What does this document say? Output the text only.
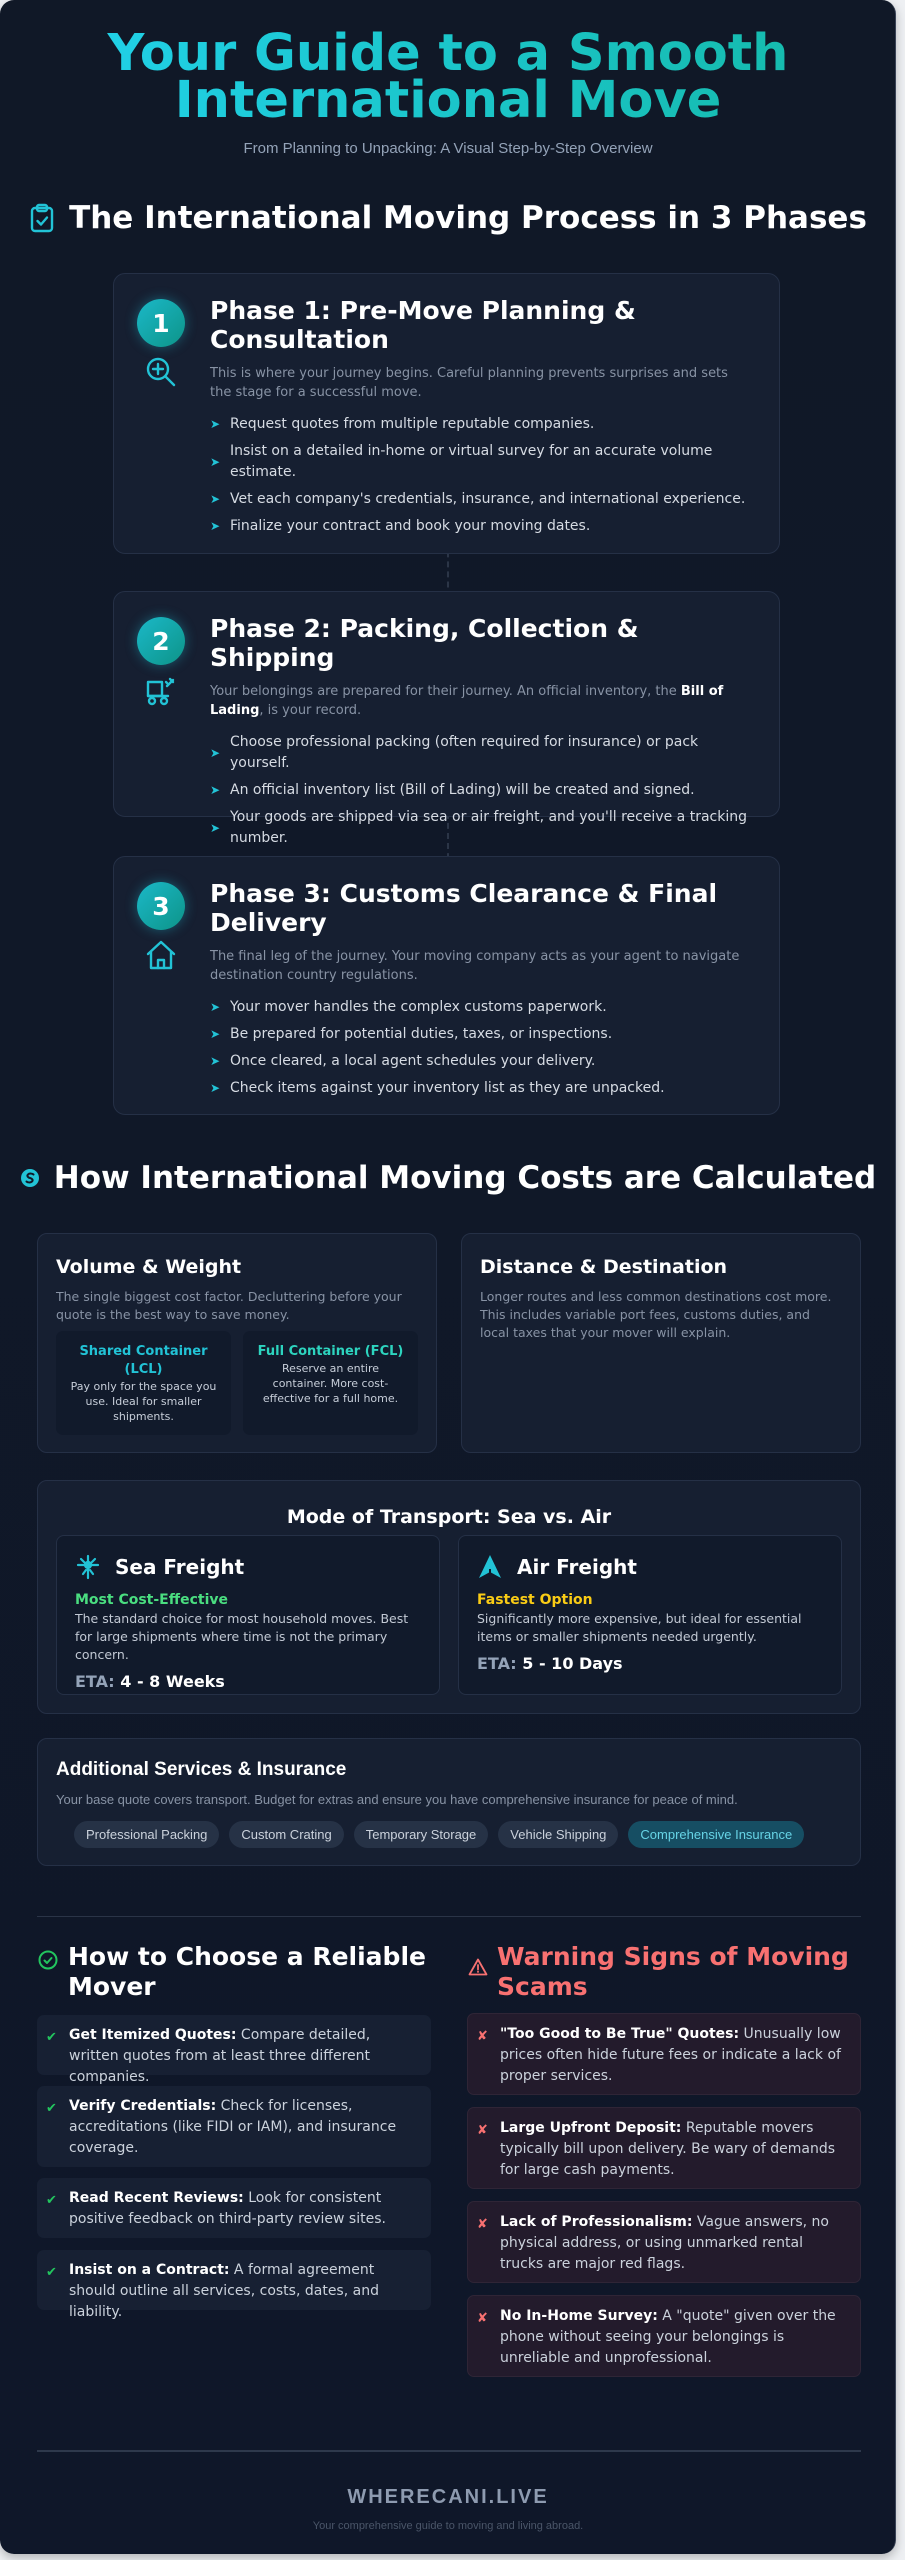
Your Guide to a Smooth International Move
From Planning to Unpacking: A Visual Step-by-Step Overview
The International Moving Process in 3 Phases
1	Phase 1: Pre-Move Planning & Consultation
This is where your journey begins. Careful planning prevents surprises and sets the stage for a successful move.
➤ Request quotes from multiple reputable companies.
➤
Insist on a detailed in-home or virtual survey for an accurate volume estimate.
➤ Vet each company's credentials, insurance, and international experience.
➤ Finalize your contract and book your moving dates.
2	Phase 2: Packing, Collection & Shipping
Your belongings are prepared for their journey. An official inventory, the Bill of Lading, is your record.
➤
Choose professional packing (often required for insurance) or pack yourself.
➤ An official inventory list (Bill of Lading) will be created and signed.
➤
Your goods are shipped via sea or air freight, and you'll receive a tracking number.
3	Phase 3: Customs Clearance & Final Delivery
The final leg of the journey. Your moving company acts as your agent to navigate destination country regulations.
➤ Your mover handles the complex customs paperwork.
➤ Be prepared for potential duties, taxes, or inspections.
➤ Once cleared, a local agent schedules your delivery.
➤ Check items against your inventory list as they are unpacked.
How International Moving Costs are Calculated
Volume & Weight
The single biggest cost factor. Decluttering before your quote is the best way to save money.
Shared Container (LCL)
Pay only for the space you use. Ideal for smaller shipments.
Full Container (FCL)
Reserve an entire container. More cost-effective for a full home.
Distance & Destination
Longer routes and less common destinations cost more. This includes variable port fees, customs duties, and local taxes that your mover will explain.
Mode of Transport: Sea vs. Air
Sea Freight
Most Cost-Effective
The standard choice for most household moves. Best for large shipments where time is not the primary concern.
ETA: 4 - 8 Weeks
Air Freight
Fastest Option
Significantly more expensive, but ideal for essential items or smaller shipments needed urgently.
ETA: 5 - 10 Days
Additional Services & Insurance
Your base quote covers transport. Budget for extras and ensure you have comprehensive insurance for peace of mind.
Professional Packing	Custom Crating	Temporary Storage	Vehicle Shipping	Comprehensive Insurance
How to Choose a Reliable Mover
✔ Get Itemized Quotes: Compare detailed, written quotes from at least three different companies.
✔ Verify Credentials: Check for licenses, accreditations (like FIDI or IAM), and insurance coverage.
✔ Read Recent Reviews: Look for consistent positive feedback on third-party review sites.
✔ Insist on a Contract: A formal agreement should outline all services, costs, dates, and liability.
Warning Signs of Moving Scams
✘ "Too Good to Be True" Quotes: Unusually low prices often hide future fees or indicate a lack of proper services.
✘ Large Upfront Deposit: Reputable movers typically bill upon delivery. Be wary of demands for large cash payments.
✘ Lack of Professionalism: Vague answers, no physical address, or using unmarked rental trucks are major red flags.
✘ No In-Home Survey: A "quote" given over the phone without seeing your belongings is unreliable and unprofessional.
WHERECANI.LIVE
Your comprehensive guide to moving and living abroad.
